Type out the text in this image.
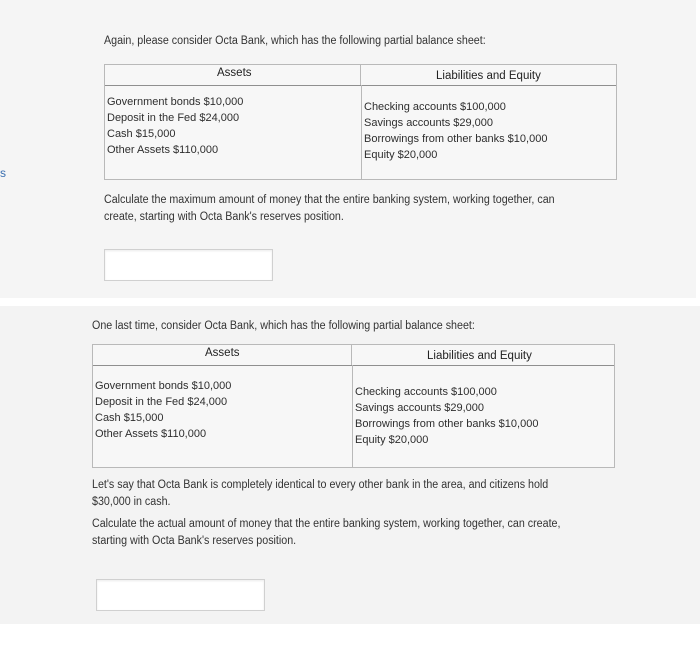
s
Again, please consider Octa Bank, which has the following partial balance sheet:
Assets	Liabilities and Equity
Government bonds $10,000
Deposit in the Fed $24,000
Cash $15,000
Other Assets $110,000
Checking accounts $100,000
Savings accounts $29,000
Borrowings from other banks $10,000
Equity $20,000
Calculate the maximum amount of money that the entire banking system, working together, can
create, starting with Octa Bank's reserves position.
One last time, consider Octa Bank, which has the following partial balance sheet:
Assets	Liabilities and Equity
Government bonds $10,000
Deposit in the Fed $24,000
Cash $15,000
Other Assets $110,000
Checking accounts $100,000
Savings accounts $29,000
Borrowings from other banks $10,000
Equity $20,000
Let's say that Octa Bank is completely identical to every other bank in the area, and citizens hold
$30,000 in cash.
Calculate the actual amount of money that the entire banking system, working together, can create,
starting with Octa Bank's reserves position.
